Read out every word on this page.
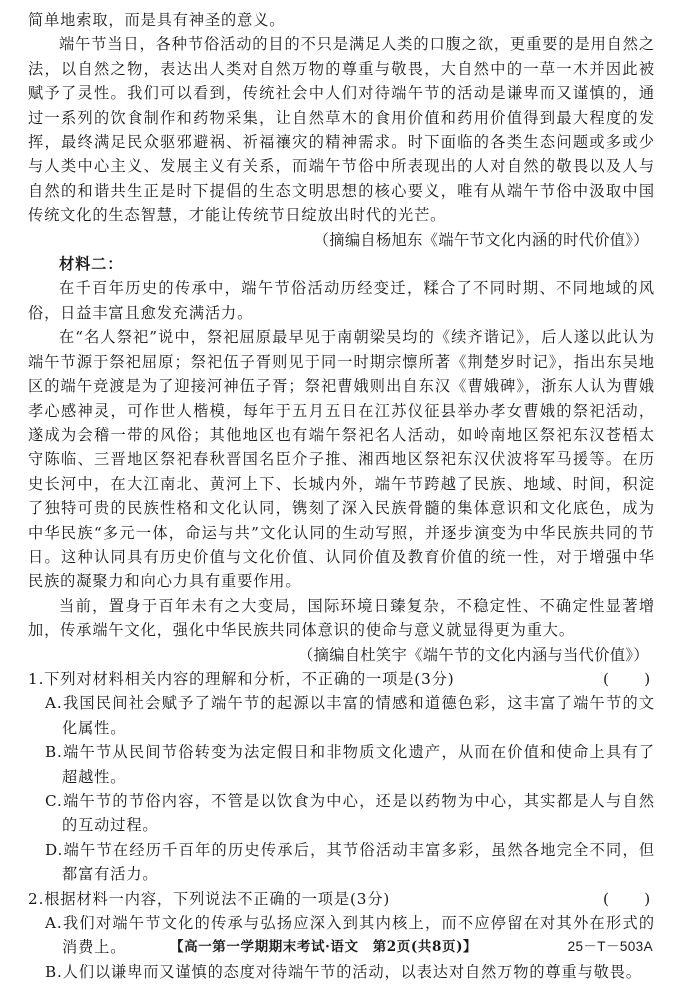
简单地索取，而是具有神圣的意义。

端午节当日，各种节俗活动的目的不只是满足人类的口腹之欲，更重要的是用自然之法，以自然之物，表达出人类对自然万物的尊重与敬畏，大自然中的一草一木并因此被赋予了灵性。我们可以看到，传统社会中人们对待端午节的活动是谦卑而又谨慎的，通过一系列的饮食制作和药物采集，让自然草木的食用价值和药用价值得到最大程度的发挥，最终满足民众驱邪避祸、祈福禳灾的精神需求。时下面临的各类生态问题或多或少与人类中心主义、发展主义有关系，而端午节俗中所表现出的人对自然的敬畏以及人与自然的和谐共生正是时下提倡的生态文明思想的核心要义，唯有从端午节俗中汲取中国传统文化的生态智慧，才能让传统节日绽放出时代的光芒。

（摘编自杨旭东《端午节文化内涵的时代价值》）

材料二：

在千百年历史的传承中，端午节俗活动历经变迁，糅合了不同时期、不同地域的风俗，日益丰富且愈发充满活力。

在“名人祭祀”说中，祭祀屈原最早见于南朝梁吴均的《续齐谐记》，后人遂以此认为端午节源于祭祀屈原；祭祀伍子胥则见于同一时期宗懔所著《荆楚岁时记》，指出东吴地区的端午竞渡是为了迎接河神伍子胥；祭祀曹娥则出自东汉《曹娥碑》，浙东人认为曹娥孝心感神灵，可作世人楷模，每年于五月五日在江苏仪征县举办孝女曹娥的祭祀活动，遂成为会稽一带的风俗；其他地区也有端午祭祀名人活动，如岭南地区祭祀东汉苍梧太守陈临、三晋地区祭祀春秋晋国名臣介子推、湘西地区祭祀东汉伏波将军马援等。在历史长河中，在大江南北、黄河上下、长城内外，端午节跨越了民族、地域、时间，积淀了独特可贵的民族性格和文化认同，镌刻了深入民族骨髓的集体意识和文化底色，成为中华民族“多元一体，命运与共”文化认同的生动写照，并逐步演变为中华民族共同的节日。这种认同具有历史价值与文化价值、认同价值及教育价值的统一性，对于增强中华民族的凝聚力和向心力具有重要作用。

当前，置身于百年未有之大变局，国际环境日臻复杂，不稳定性、不确定性显著增加，传承端午文化，强化中华民族共同体意识的使命与意义就显得更为重大。

（摘编自杜笑宇《端午节的文化内涵与当代价值》）

1.下列对材料相关内容的理解和分析，不正确的一项是(3分)	(      )

A.我国民间社会赋予了端午节的起源以丰富的情感和道德色彩，这丰富了端午节的文化属性。

B.端午节从民间节俗转变为法定假日和非物质文化遗产，从而在价值和使命上具有了超越性。

C.端午节的节俗内容，不管是以饮食为中心，还是以药物为中心，其实都是人与自然的互动过程。

D.端午节在经历千百年的历史传承后，其节俗活动丰富多彩，虽然各地完全不同，但都富有活力。

2.根据材料一内容，下列说法不正确的一项是(3分)	(      )

A.我们对端午节文化的传承与弘扬应深入到其内核上，而不应停留在对其外在形式的消费上。

B.人们以谦卑而又谨慎的态度对待端午节的活动，以表达对自然万物的尊重与敬畏。

【高一第一学期期末考试·语文　第2页(共8页)】	25－T－503A
